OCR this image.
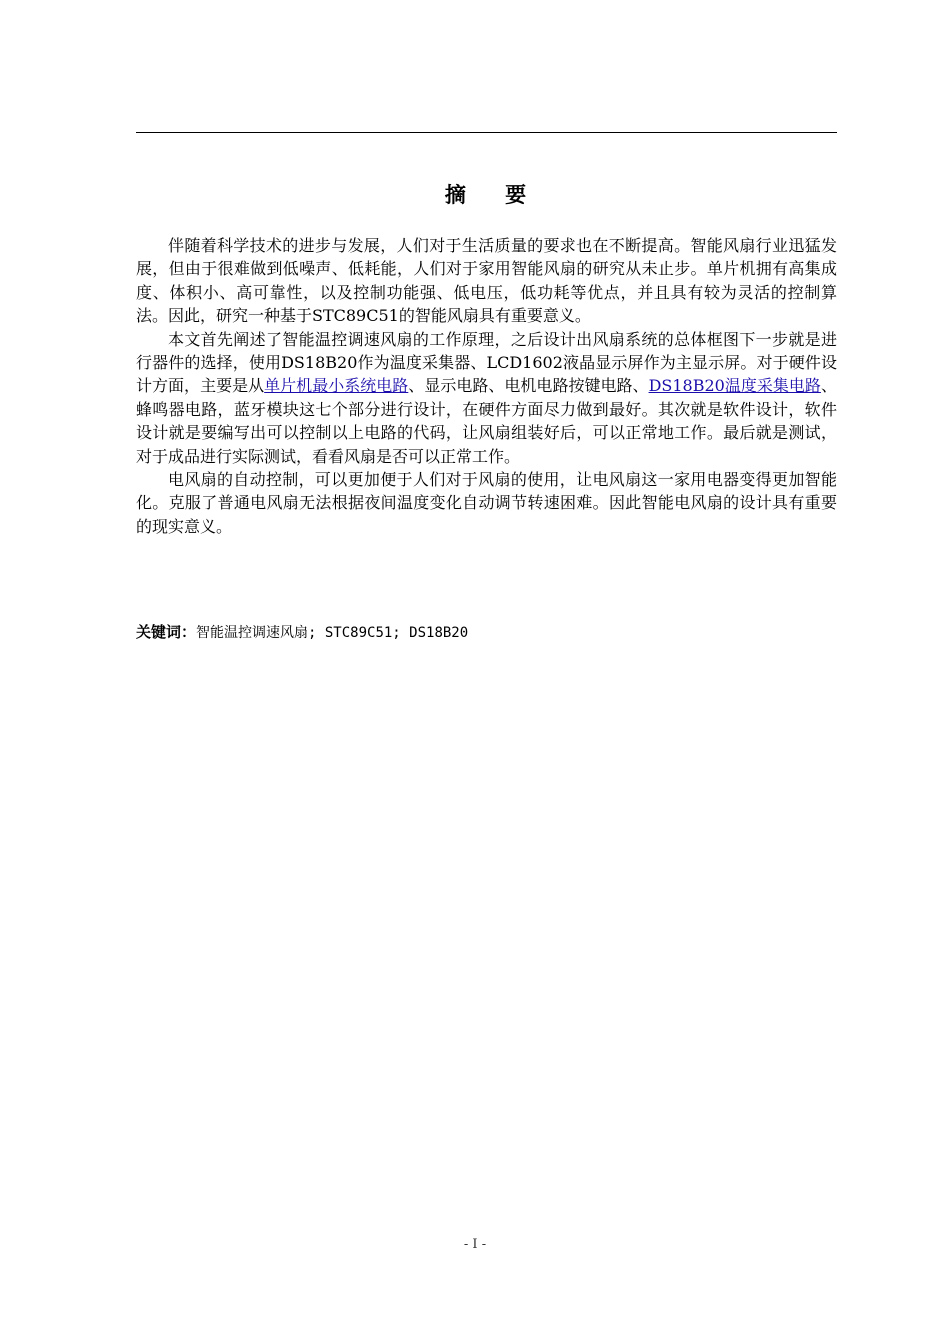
摘    要

伴随着科学技术的进步与发展，人们对于生活质量的要求也在不断提高。智能风扇行业迅猛发展，但由于很难做到低噪声、低耗能，人们对于家用智能风扇的研究从未止步。单片机拥有高集成度、体积小、高可靠性，以及控制功能强、低电压，低功耗等优点，并且具有较为灵活的控制算法。因此，研究一种基于STC89C51的智能风扇具有重要意义。

本文首先阐述了智能温控调速风扇的工作原理，之后设计出风扇系统的总体框图下一步就是进行器件的选择，使用DS18B20作为温度采集器、LCD1602液晶显示屏作为主显示屏。对于硬件设计方面，主要是从单片机最小系统电路、显示电路、电机电路按键电路、DS18B20温度采集电路、蜂鸣器电路，蓝牙模块这七个部分进行设计，在硬件方面尽力做到最好。其次就是软件设计，软件设计就是要编写出可以控制以上电路的代码，让风扇组装好后，可以正常地工作。最后就是测试，对于成品进行实际测试，看看风扇是否可以正常工作。

电风扇的自动控制，可以更加便于人们对于风扇的使用，让电风扇这一家用电器变得更加智能化。克服了普通电风扇无法根据夜间温度变化自动调节转速困难。因此智能电风扇的设计具有重要的现实意义。

关键词：智能温控调速风扇; STC89C51; DS18B20
- I -
